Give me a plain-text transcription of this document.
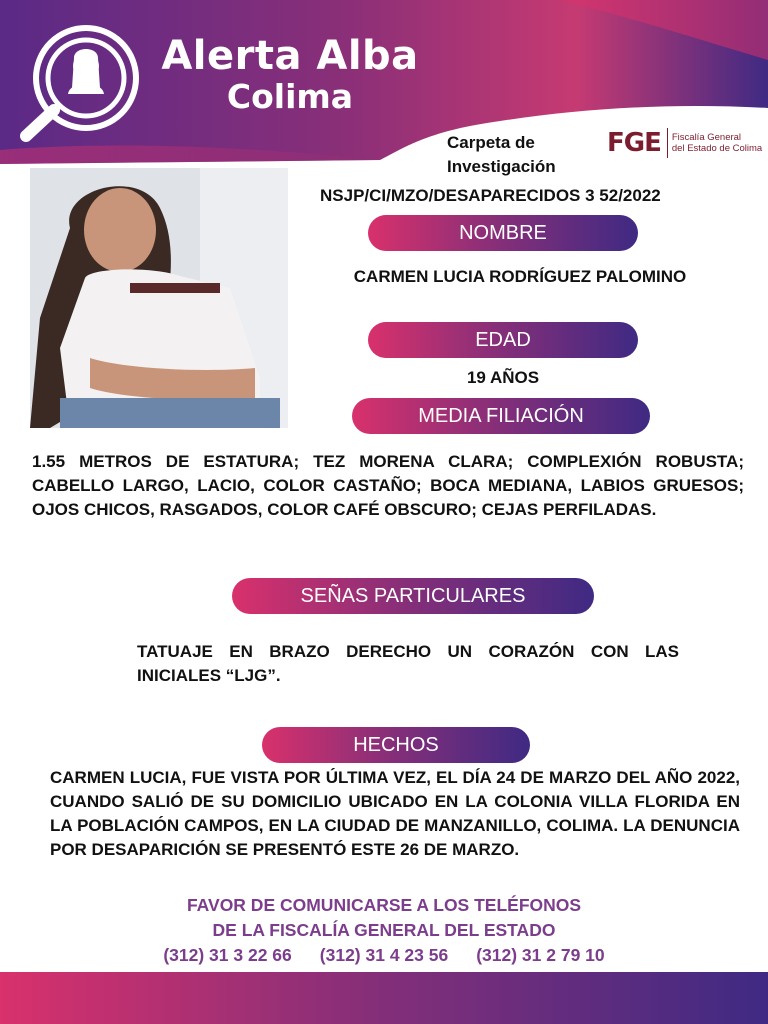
Alerta Alba
Colima
Carpeta de
Investigación
FGE	Fiscalía General
del Estado de Colima
NSJP/CI/MZO/DESAPARECIDOS 3 52/2022
NOMBRE
CARMEN LUCIA RODRÍGUEZ PALOMINO
EDAD
19 AÑOS
MEDIA FILIACIÓN
1.55 METROS DE ESTATURA; TEZ MORENA CLARA; COMPLEXIÓN ROBUSTA; CABELLO LARGO, LACIO, COLOR CASTAÑO; BOCA MEDIANA, LABIOS GRUESOS; OJOS CHICOS, RASGADOS, COLOR CAFÉ OBSCURO; CEJAS PERFILADAS.
SEÑAS PARTICULARES
TATUAJE EN BRAZO DERECHO UN CORAZÓN CON LAS INICIALES “LJG”.
HECHOS
CARMEN LUCIA, FUE VISTA POR ÚLTIMA VEZ, EL DÍA 24 DE MARZO DEL AÑO 2022, CUANDO SALIÓ DE SU DOMICILIO UBICADO EN LA COLONIA VILLA FLORIDA EN LA POBLACIÓN CAMPOS, EN LA CIUDAD DE MANZANILLO, COLIMA. LA DENUNCIA POR DESAPARICIÓN SE PRESENTÓ ESTE 26 DE MARZO.
FAVOR DE COMUNICARSE A LOS TELÉFONOS
DE LA FISCALÍA GENERAL DEL ESTADO
(312) 31 3 22 66 (312) 31 4 23 56 (312) 31 2 79 10
